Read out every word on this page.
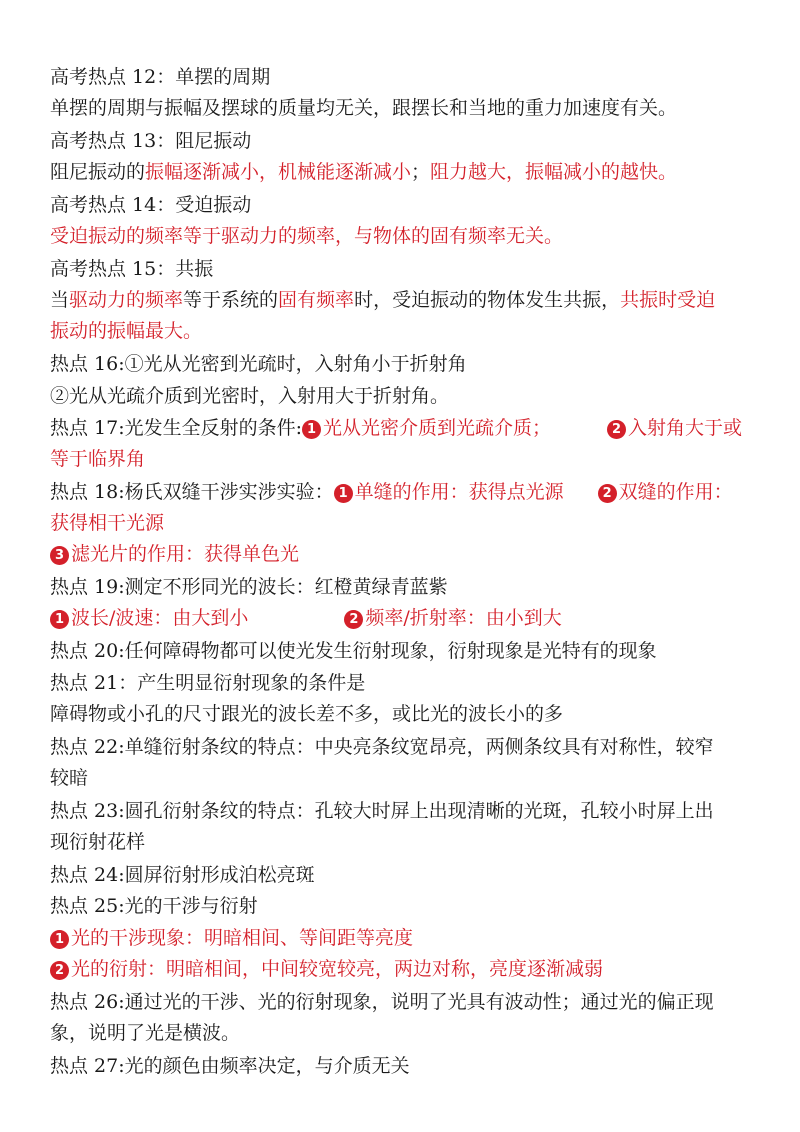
高考热点 12：单摆的周期
单摆的周期与振幅及摆球的质量均无关，跟摆长和当地的重力加速度有关。
高考热点 13：阻尼振动
阻尼振动的振幅逐渐减小，机械能逐渐减小；阻力越大，振幅减小的越快。
高考热点 14：受迫振动
受迫振动的频率等于驱动力的频率，与物体的固有频率无关。
高考热点 15：共振
当驱动力的频率等于系统的固有频率时，受迫振动的物体发生共振，共振时受迫
振动的振幅最大。
热点 16:①光从光密到光疏时，入射角小于折射角
②光从光疏介质到光密时，入射用大于折射角。
热点 17:光发生全反射的条件: 1 光从光密介质到光疏介质；	2 入射角大于或
等于临界角
热点 18:杨氏双缝干涉实涉实验： 1 单缝的作用：获得点光源	2 双缝的作用：
获得相干光源
3 滤光片的作用：获得单色光
热点 19:测定不形同光的波长：红橙黄绿青蓝紫
1 波长/波速：由大到小	2 频率/折射率：由小到大
热点 20:任何障碍物都可以使光发生衍射现象，衍射现象是光特有的现象
热点 21：产生明显衍射现象的条件是
障碍物或小孔的尺寸跟光的波长差不多，或比光的波长小的多
热点 22:单缝衍射条纹的特点：中央亮条纹宽昂亮，两侧条纹具有对称性，较窄
较暗
热点 23:圆孔衍射条纹的特点：孔较大时屏上出现清晰的光斑，孔较小时屏上出
现衍射花样
热点 24:圆屏衍射形成泊松亮斑
热点 25:光的干涉与衍射
1 光的干涉现象：明暗相间、等间距等亮度
2 光的衍射：明暗相间，中间较宽较亮，两边对称，亮度逐渐减弱
热点 26:通过光的干涉、光的衍射现象，说明了光具有波动性；通过光的偏正现
象，说明了光是横波。
热点 27:光的颜色由频率决定，与介质无关
